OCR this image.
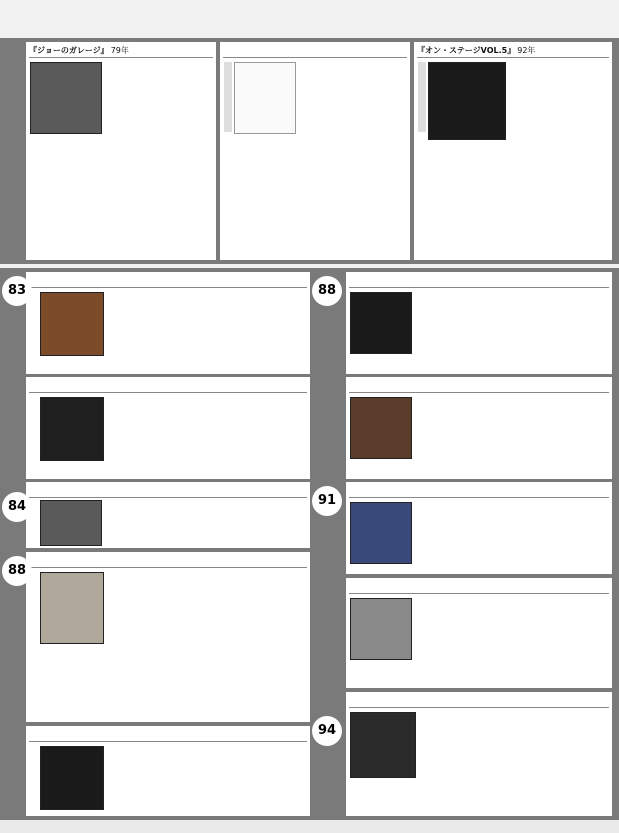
『ジョーのガレージ』 79年	『オン・ステージVOL.5』 92年
83
84
88
88
91
94
